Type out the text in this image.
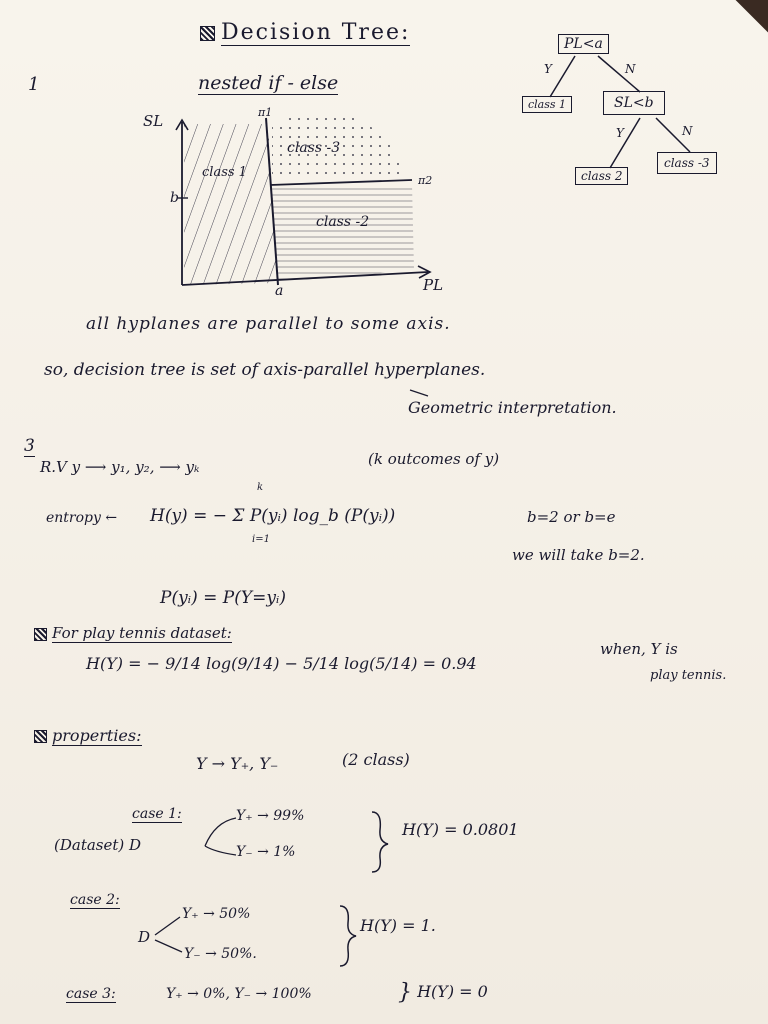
Decision Tree:
1	nested if - else
SL
b
a	PL
π1
π2
class 1
class -3
class -2
PL<a
Y	N
class 1	SL<b
Y	N
class 2
class -3
all hyplanes are parallel to some axis.
so, decision tree is set of axis-parallel hyperplanes.
Geometric interpretation.
3
R.V y ⟶ y₁, y₂, ⟶ yₖ	(k outcomes of y)
entropy ← H(y) = − Σ P(yᵢ) log_b (P(yᵢ))
k
i=1
b=2 or b=e
we will take b=2.
P(yᵢ) = P(Y=yᵢ)
For play tennis dataset:
H(Y) = − 9/14 log(9/14) − 5/14 log(5/14) = 0.94
when, Y is
play tennis.
properties:
Y → Y₊, Y₋	(2 class)
case 1:
(Dataset) D
Y₊ → 99%
Y₋ → 1%
H(Y) = 0.0801
case 2:
D
Y₊ → 50%
Y₋ → 50%.
H(Y) = 1.
case 3:	Y₊ → 0%, Y₋ → 100%	} H(Y) = 0
